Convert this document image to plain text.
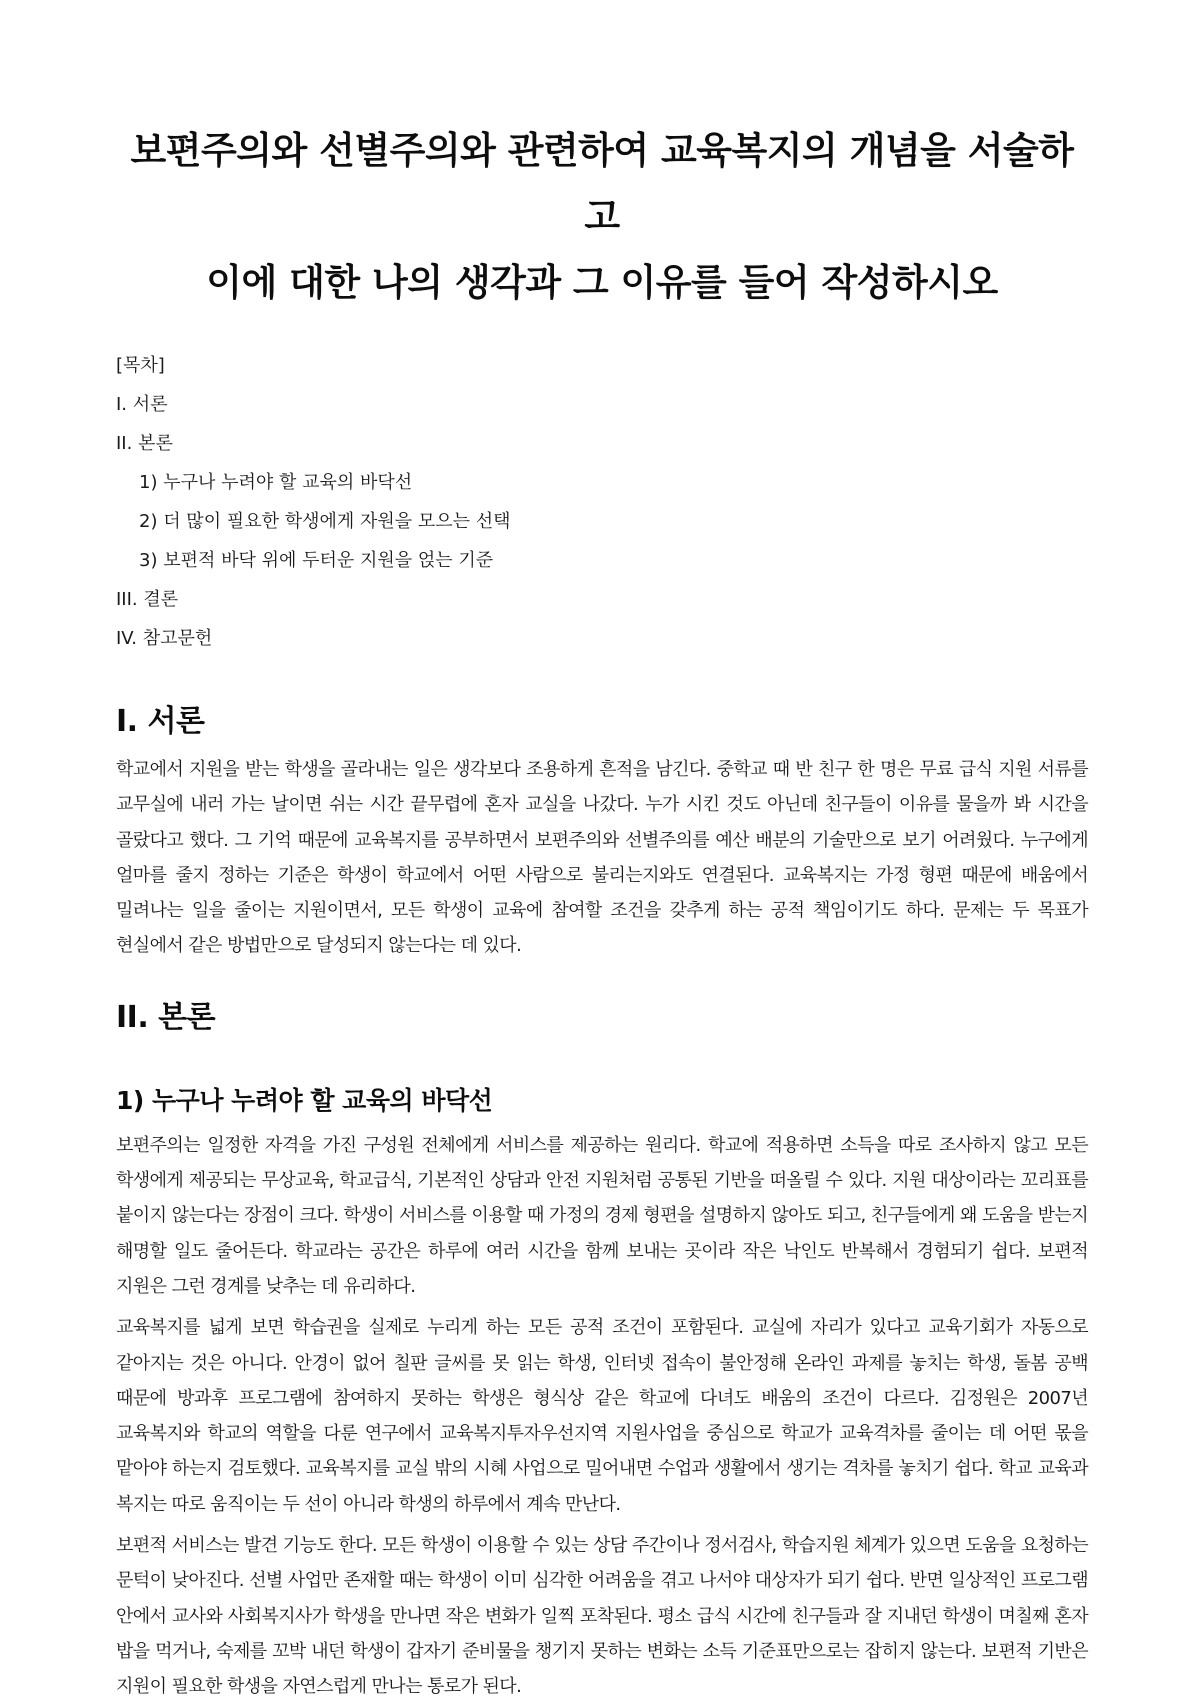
보편주의와 선별주의와 관련하여 교육복지의 개념을 서술하고
이에 대한 나의 생각과 그 이유를 들어 작성하시오
[목차]
I. 서론
II. 본론
1) 누구나 누려야 할 교육의 바닥선
2) 더 많이 필요한 학생에게 자원을 모으는 선택
3) 보편적 바닥 위에 두터운 지원을 얹는 기준
III. 결론
IV. 참고문헌
I. 서론

학교에서 지원을 받는 학생을 골라내는 일은 생각보다 조용하게 흔적을 남긴다. 중학교 때 반 친구 한 명은 무료 급식 지원 서류를 교무실에 내러 가는 날이면 쉬는 시간 끝무렵에 혼자 교실을 나갔다. 누가 시킨 것도 아닌데 친구들이 이유를 물을까 봐 시간을 골랐다고 했다. 그 기억 때문에 교육복지를 공부하면서 보편주의와 선별주의를 예산 배분의 기술만으로 보기 어려웠다. 누구에게 얼마를 줄지 정하는 기준은 학생이 학교에서 어떤 사람으로 불리는지와도 연결된다. 교육복지는 가정 형편 때문에 배움에서 밀려나는 일을 줄이는 지원이면서, 모든 학생이 교육에 참여할 조건을 갖추게 하는 공적 책임이기도 하다. 문제는 두 목표가 현실에서 같은 방법만으로 달성되지 않는다는 데 있다.

II. 본론
1) 누구나 누려야 할 교육의 바닥선

보편주의는 일정한 자격을 가진 구성원 전체에게 서비스를 제공하는 원리다. 학교에 적용하면 소득을 따로 조사하지 않고 모든 학생에게 제공되는 무상교육, 학교급식, 기본적인 상담과 안전 지원처럼 공통된 기반을 떠올릴 수 있다. 지원 대상이라는 꼬리표를 붙이지 않는다는 장점이 크다. 학생이 서비스를 이용할 때 가정의 경제 형편을 설명하지 않아도 되고, 친구들에게 왜 도움을 받는지 해명할 일도 줄어든다. 학교라는 공간은 하루에 여러 시간을 함께 보내는 곳이라 작은 낙인도 반복해서 경험되기 쉽다. 보편적 지원은 그런 경계를 낮추는 데 유리하다.

교육복지를 넓게 보면 학습권을 실제로 누리게 하는 모든 공적 조건이 포함된다. 교실에 자리가 있다고 교육기회가 자동으로 같아지는 것은 아니다. 안경이 없어 칠판 글씨를 못 읽는 학생, 인터넷 접속이 불안정해 온라인 과제를 놓치는 학생, 돌봄 공백 때문에 방과후 프로그램에 참여하지 못하는 학생은 형식상 같은 학교에 다녀도 배움의 조건이 다르다. 김정원은 2007년 교육복지와 학교의 역할을 다룬 연구에서 교육복지투자우선지역 지원사업을 중심으로 학교가 교육격차를 줄이는 데 어떤 몫을 맡아야 하는지 검토했다. 교육복지를 교실 밖의 시혜 사업으로 밀어내면 수업과 생활에서 생기는 격차를 놓치기 쉽다. 학교 교육과 복지는 따로 움직이는 두 선이 아니라 학생의 하루에서 계속 만난다.

보편적 서비스는 발견 기능도 한다. 모든 학생이 이용할 수 있는 상담 주간이나 정서검사, 학습지원 체계가 있으면 도움을 요청하는 문턱이 낮아진다. 선별 사업만 존재할 때는 학생이 이미 심각한 어려움을 겪고 나서야 대상자가 되기 쉽다. 반면 일상적인 프로그램 안에서 교사와 사회복지사가 학생을 만나면 작은 변화가 일찍 포착된다. 평소 급식 시간에 친구들과 잘 지내던 학생이 며칠째 혼자 밥을 먹거나, 숙제를 꼬박 내던 학생이 갑자기 준비물을 챙기지 못하는 변화는 소득 기준표만으로는 잡히지 않는다. 보편적 기반은 지원이 필요한 학생을 자연스럽게 만나는 통로가 된다.
